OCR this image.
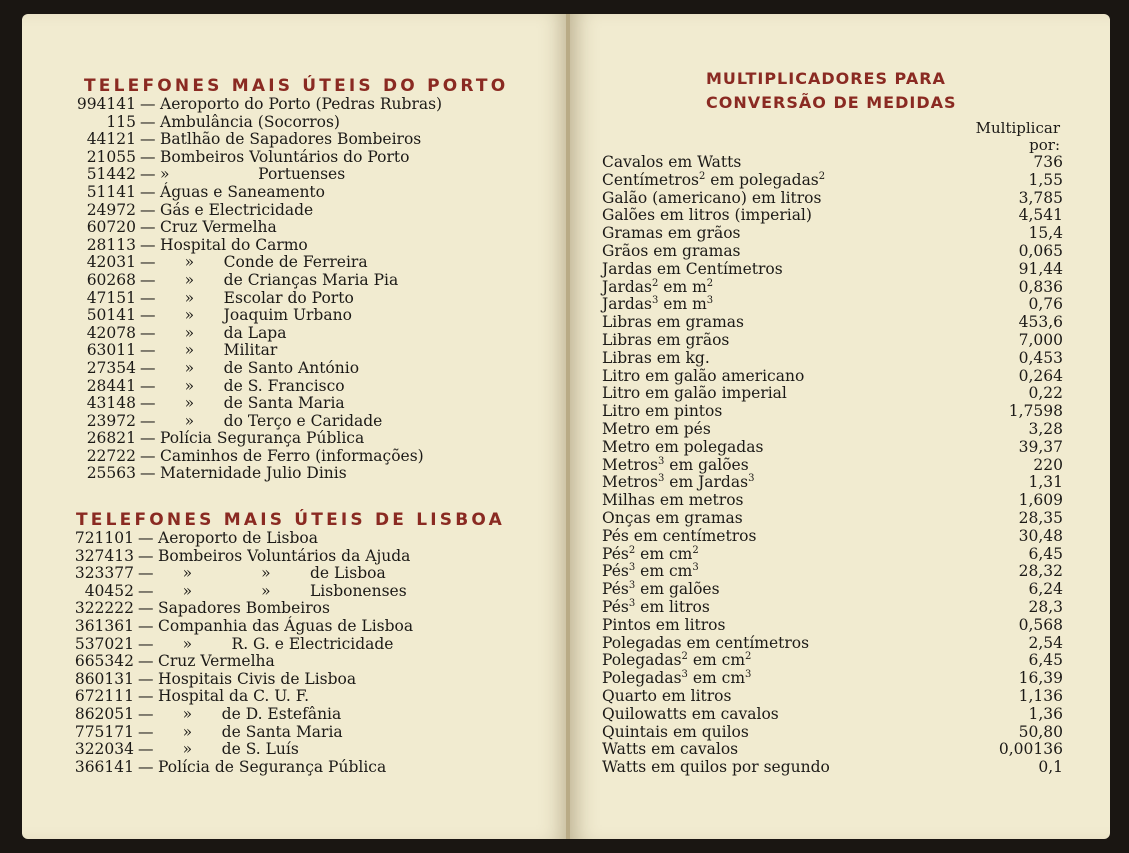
TELEFONES MAIS ÚTEIS DO PORTO
994141 — Aeroporto do Porto (Pedras Rubras)
115 — Ambulância (Socorros)
44121 — Batlhão de Sapadores Bombeiros
21055 — Bombeiros Voluntários do Porto
51442 — »                  Portuenses
51141 — Águas e Saneamento
24972 — Gás e Electricidade
60720 — Cruz Vermelha
28113 — Hospital do Carmo
42031 — »      Conde de Ferreira
60268 — »      de Crianças Maria Pia
47151 — »      Escolar do Porto
50141 — »      Joaquim Urbano
42078 — »      da Lapa
63011 — »      Militar
27354 — »      de Santo António
28441 — »      de S. Francisco
43148 — »      de Santa Maria
23972 — »      do Terço e Caridade
26821 — Polícia Segurança Pública
22722 — Caminhos de Ferro (informações)
25563 — Maternidade Julio Dinis
TELEFONES MAIS ÚTEIS DE LISBOA
721101 — Aeroporto de Lisboa
327413 — Bombeiros Voluntários da Ajuda
323377 — »              »        de Lisboa
40452 — »              »        Lisbonenses
322222 — Sapadores Bombeiros
361361 — Companhia das Águas de Lisboa
537021 — »        R. G. e Electricidade
665342 — Cruz Vermelha
860131 — Hospitais Civis de Lisboa
672111 — Hospital da C. U. F.
862051 — »      de D. Estefânia
775171 — »      de Santa Maria
322034 — »      de S. Luís
366141 — Polícia de Segurança Pública
MULTIPLICADORES PARA
CONVERSÃO DE MEDIDAS
Multiplicar
por:
Cavalos em Watts	736
Centímetros$^2$ em polegadas$^2$	1,55
Galão (americano) em litros	3,785
Galões em litros (imperial)	4,541
Gramas em grãos	15,4
Grãos em gramas	0,065
Jardas em Centímetros	91,44
Jardas$^2$ em $m^2$	0,836
Jardas$^3$ em $m^3$	0,76
Libras em gramas	453,6
Libras em grãos	7,000
Libras em kg.	0,453
Litro em galão americano	0,264
Litro em galão imperial	0,22
Litro em pintos	1,7598
Metro em pés	3,28
Metro em polegadas	39,37
Metros$^3$ em galões	220
Metros$^3$ em Jardas$^3$	1,31
Milhas em metros	1,609
Onças em gramas	28,35
Pés em centímetros	30,48
Pés$^2$ em $cm^2$	6,45
Pés$^3$ em $cm^3$	28,32
Pés$^3$ em galões	6,24
Pés$^3$ em litros	28,3
Pintos em litros	0,568
Polegadas em centímetros	2,54
Polegadas$^2$ em $cm^2$	6,45
Polegadas$^3$ em $cm^3$	16,39
Quarto em litros	1,136
Quilowatts em cavalos	1,36
Quintais em quilos	50,80
Watts em cavalos	0,00136
Watts em quilos por segundo	0,1
